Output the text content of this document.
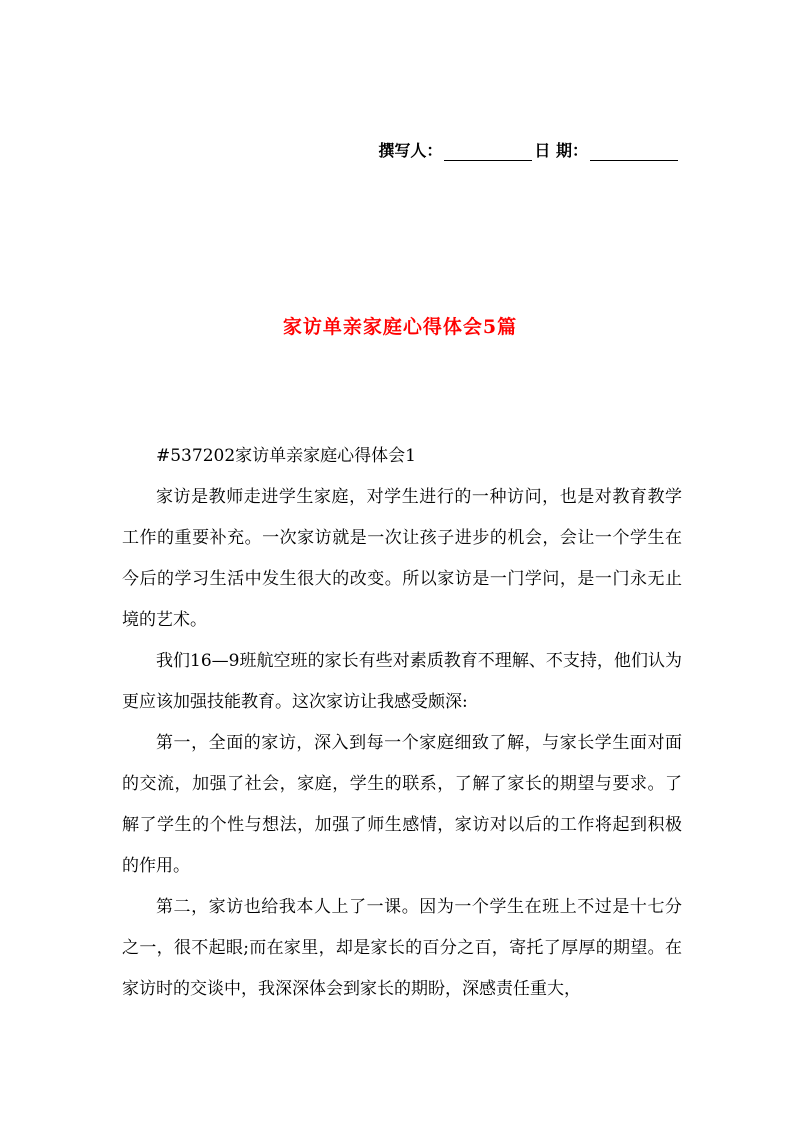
撰写人：	日 期：
家访单亲家庭心得体会5篇

#537202家访单亲家庭心得体会1

家访是教师走进学生家庭，对学生进行的一种访问，也是对教育教学工作的重要补充。一次家访就是一次让孩子进步的机会，会让一个学生在今后的学习生活中发生很大的改变。所以家访是一门学问，是一门永无止境的艺术。

我们16—9班航空班的家长有些对素质教育不理解、不支持，他们认为更应该加强技能教育。这次家访让我感受颇深:

第一，全面的家访，深入到每一个家庭细致了解，与家长学生面对面的交流，加强了社会，家庭，学生的联系，了解了家长的期望与要求。了解了学生的个性与想法，加强了师生感情，家访对以后的工作将起到积极的作用。

第二，家访也给我本人上了一课。因为一个学生在班上不过是十七分之一，很不起眼;而在家里，却是家长的百分之百，寄托了厚厚的期望。在家访时的交谈中，我深深体会到家长的期盼，深感责任重大，
